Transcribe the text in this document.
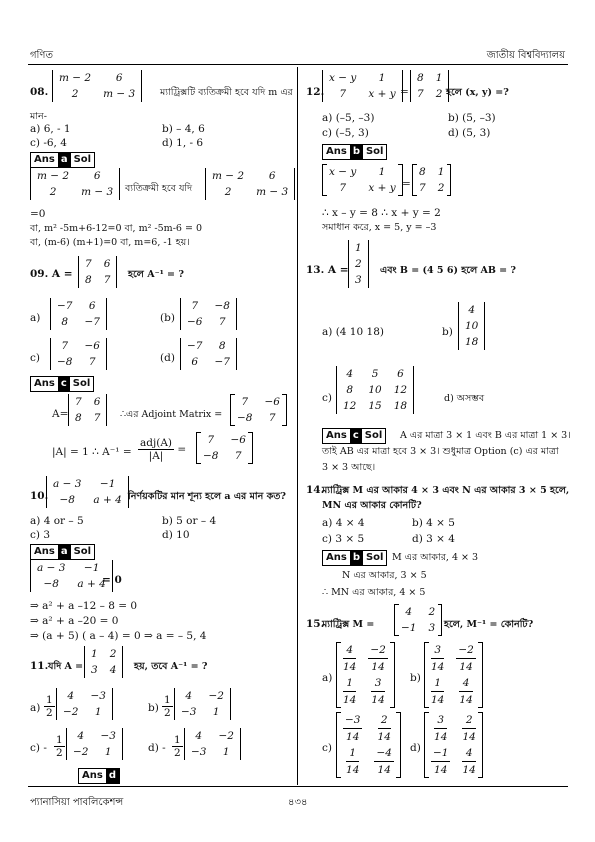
গণিত	জাতীয় বিশ্ববিদ্যালয়
প্যানাসিয়া পাবলিকেশন্স	৪৩৪
08.
m − 2	6
2	m − 3	ম্যাট্রিক্সটি ব্যতিক্রমী হবে যদি m এর
মান-
a) 6, - 1	b) – 4, 6
c) -6, 4	d) 1, - 6
Ans a Sol
m − 2	6
2	m − 3 ব্যতিক্রমী হবে যদি
m − 2	6
2	m − 3
=0
বা, m² -5m+6-12=0 বা, m² -5m-6 = 0
বা, (m-6) (m+1)=0 বা, m=6, -1 হয়।
09. A =
7	6
8	7 হলে A⁻¹ = ?
a)
−7	6
8	−7	(b)
7	−8
−6	7
c)
7	−6
−8	7	(d)
−7	8
6	−7
Ans c Sol
A=
7	6
8	7 ∴এর Adjoint Matrix =
7	−6
−8	7

|A| = 1 ∴ $A^{-1} = \frac{\text{adj(A)}}{|A|}$ =
7	−6
−8	7

10.
a − 3	−1
−8	a + 4 নির্ণয়কটির মান শূন্য হলে a এর মান কত?
a) 4 or – 5	b) 5 or – 4
c) 3	d) 10
Ans a Sol
a − 3	−1
−8	a + 4
= 0
⇒ a² + a –12 – 8 = 0
⇒ a² + a –20 = 0
⇒ (a + 5) ( a – 4) = 0 ⇒ a = – 5, 4
11. যদি A =
1	2
3	4 হয়, তবে A⁻¹ = ?
$a) \frac{1}{2} 4$	−3
−2	1	$b) \frac{1}{2} 4$	−2
−3	1
$c) - \frac{1}{2} 4$	−3
−2	1	$d) - \frac{1}{2} 4$	−2
−3	1
Ans d
12.
x − y	1
7	x + y =
8	1
7	2 হলে (x, y) =?
a) (–5, –3)	b) (5, –3)
c) (–5, 3)	d) (5, 3)
Ans b Sol
x − y	1
7	x + y =
8	1
7	2

∴ x – y = 8 ∴ x + y = 2
সমাধান করে, x = 5, y = –3
13. A =
1
2
3
এবং B = (4 5 6) হলে AB = ?
a) (4 10 18)	b)
4
10
18
c)
4	5	6
8	10	12
12	15	18
d) অসম্ভব
Ans c Sol	A এর মাত্রা 3 × 1 এবং B এর মাত্রা 1 × 3।
তাই AB এর মাত্রা হবে 3 × 3। শুধুমাত্র Option (c) এর মাত্রা
3 × 3 আছে।
14.
ম্যাট্রিক্স M এর আকার 4 × 3 এবং N এর আকার 3 × 5 হলে,
MN এর আকার কোনটি?
a) 4 × 4	b) 4 × 5
c) 3 × 5	d) 3 × 4
Ans b Sol M এর আকার, 4 × 3
N এর আকার, 3 × 5
∴ MN এর আকার, 4 × 5
15.
ম্যাট্রিক্স M =
4	2
−1	3 হলে, M⁻¹ = কোনটি?
a)
$\frac{4}{14}$	$\frac{-2}{14}$

$\frac{1}{14}$	$\frac{3}{14} b$)
$\frac{3}{14}$	$\frac{-2}{14}$

$\frac{1}{14}$	$\frac{4}{14}$

c)
$\frac{-3}{14}$	$\frac{2}{14}$

$\frac{1}{14}$	$\frac{-4}{14} d$)
$\frac{3}{14}$	$\frac{2}{14}$

$\frac{-1}{14}$	$\frac{4}{14}$
